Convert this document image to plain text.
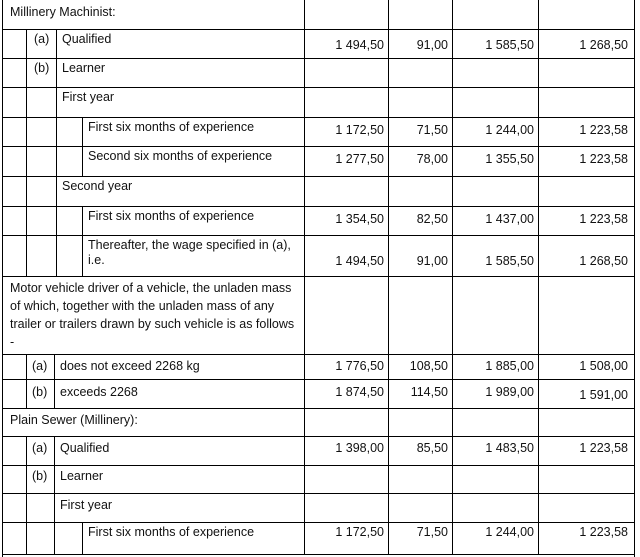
Millinery Machinist:
(a) Qualified	1 494,50	91,00	1 585,50	1 268,50
(b) Learner
First year
First six months of experience	1 172,50	71,50	1 244,00	1 223,58
Second six months of experience	1 277,50	78,00	1 355,50	1 223,58
Second year
First six months of experience	1 354,50	82,50	1 437,00	1 223,58
Thereafter, the wage specified in (a), i.e.	1 494,50	91,00	1 585,50	1 268,50
Motor vehicle driver of a vehicle, the unladen mass of which, together with the unladen mass of any trailer or trailers drawn by such vehicle is as follows -
(a) does not exceed 2268 kg	1 776,50	108,50	1 885,00	1 508,00
(b) exceeds 2268	1 874,50	114,50	1 989,00	1 591,00
Plain Sewer (Millinery):
(a) Qualified	1 398,00	85,50	1 483,50	1 223,58
(b) Learner
First year
First six months of experience	1 172,50	71,50	1 244,00	1 223,58
